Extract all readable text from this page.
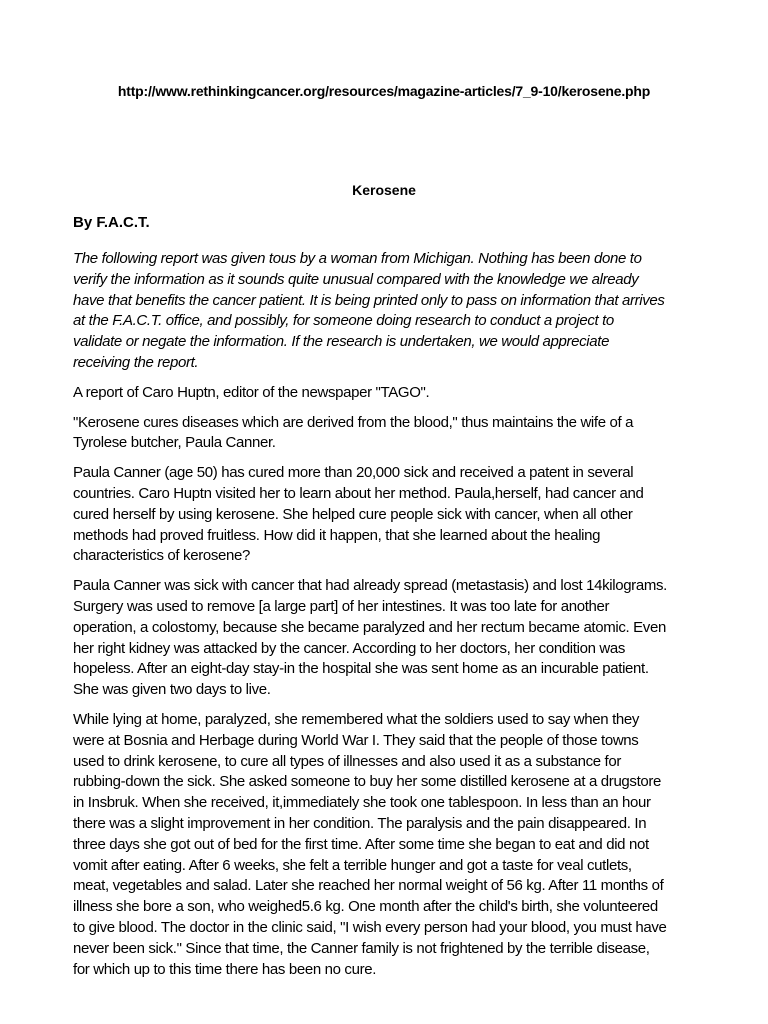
http://www.rethinkingcancer.org/resources/magazine-articles/7_9-10/kerosene.php
Kerosene
By F.A.C.T.

The following report was given tous by a woman from Michigan. Nothing has been done to
verify the information as it sounds quite unusual compared with the knowledge we already
have that benefits the cancer patient. It is being printed only to pass on information that arrives
at the F.A.C.T. office, and possibly, for someone doing research to conduct a project to
validate or negate the information. If the research is undertaken, we would appreciate
receiving the report.

A report of Caro Huptn, editor of the newspaper "TAGO".

"Kerosene cures diseases which are derived from the blood," thus maintains the wife of a
Tyrolese butcher, Paula Canner.

Paula Canner (age 50) has cured more than 20,000 sick and received a patent in several
countries. Caro Huptn visited her to learn about her method. Paula,herself, had cancer and
cured herself by using kerosene. She helped cure people sick with cancer, when all other
methods had proved fruitless. How did it happen, that she learned about the healing
characteristics of kerosene?

Paula Canner was sick with cancer that had already spread (metastasis) and lost 14kilograms.
Surgery was used to remove [a large part] of her intestines. It was too late for another
operation, a colostomy, because she became paralyzed and her rectum became atomic. Even
her right kidney was attacked by the cancer. According to her doctors, her condition was
hopeless. After an eight-day stay-in the hospital she was sent home as an incurable patient.
She was given two days to live.

While lying at home, paralyzed, she remembered what the soldiers used to say when they
were at Bosnia and Herbage during World War I. They said that the people of those towns
used to drink kerosene, to cure all types of illnesses and also used it as a substance for
rubbing-down the sick. She asked someone to buy her some distilled kerosene at a drugstore
in Insbruk. When she received, it,immediately she took one tablespoon. In less than an hour
there was a slight improvement in her condition. The paralysis and the pain disappeared. In
three days she got out of bed for the first time. After some time she began to eat and did not
vomit after eating. After 6 weeks, she felt a terrible hunger and got a taste for veal cutlets,
meat, vegetables and salad. Later she reached her normal weight of 56 kg. After 11 months of
illness she bore a son, who weighed5.6 kg. One month after the child's birth, she volunteered
to give blood. The doctor in the clinic said, "I wish every person had your blood, you must have
never been sick." Since that time, the Canner family is not frightened by the terrible disease,
for which up to this time there has been no cure.
